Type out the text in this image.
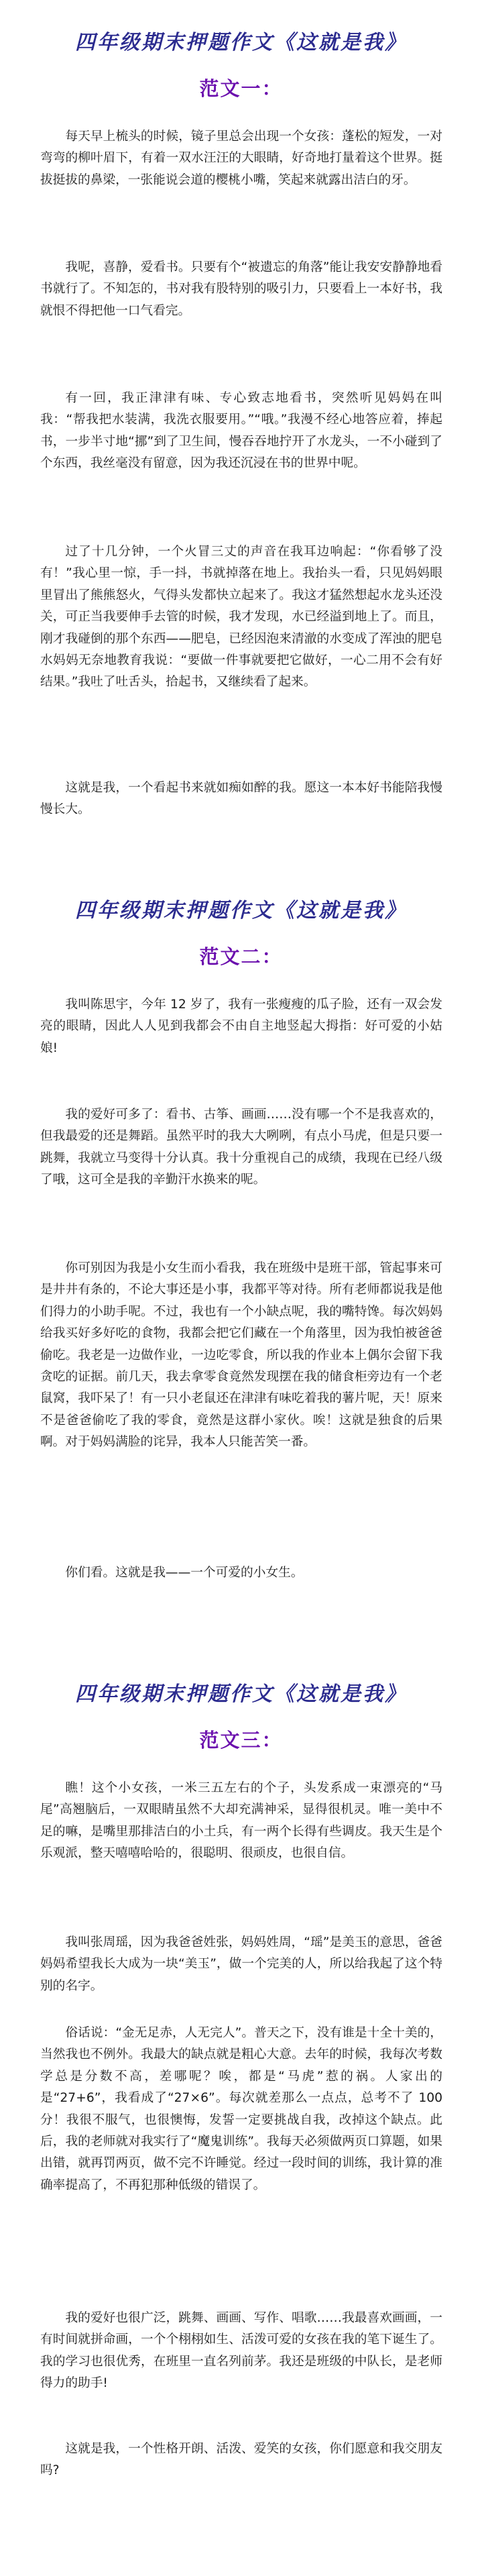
四年级期末押题作文《这就是我》
范文一：

每天早上梳头的时候，镜子里总会出现一个女孩：蓬松的短发，一对弯弯的柳叶眉下，有着一双水汪汪的大眼睛，好奇地打量着这个世界。挺拔挺拔的鼻梁，一张能说会道的樱桃小嘴，笑起来就露出洁白的牙。

我呢，喜静，爱看书。只要有个“被遗忘的角落”能让我安安静静地看书就行了。不知怎的，书对我有股特别的吸引力，只要看上一本好书，我就恨不得把他一口气看完。

有一回，我正津津有味、专心致志地看书，突然听见妈妈在叫我：“帮我把水装满，我洗衣服要用。”“哦。”我漫不经心地答应着，捧起书，一步半寸地“挪”到了卫生间，慢吞吞地拧开了水龙头，一不小碰到了个东西，我丝毫没有留意，因为我还沉浸在书的世界中呢。

过了十几分钟，一个火冒三丈的声音在我耳边响起：“你看够了没有！”我心里一惊，手一抖，书就掉落在地上。我抬头一看，只见妈妈眼里冒出了熊熊怒火，气得头发都快立起来了。我这才猛然想起水龙头还没关，可正当我要伸手去管的时候，我才发现，水已经溢到地上了。而且，刚才我碰倒的那个东西——肥皂，已经因泡来清澈的水变成了浑浊的肥皂水妈妈无奈地教育我说：“要做一件事就要把它做好，一心二用不会有好结果。”我吐了吐舌头，拾起书，又继续看了起来。

这就是我，一个看起书来就如痴如醉的我。愿这一本本好书能陪我慢慢长大。

四年级期末押题作文《这就是我》
范文二：

我叫陈思宇，今年 12 岁了，我有一张瘦瘦的瓜子脸，还有一双会发亮的眼睛，因此人人见到我都会不由自主地竖起大拇指：好可爱的小姑娘!

我的爱好可多了：看书、古筝、画画……没有哪一个不是我喜欢的，但我最爱的还是舞蹈。虽然平时的我大大咧咧，有点小马虎，但是只要一跳舞，我就立马变得十分认真。我十分重视自己的成绩，我现在已经八级了哦，这可全是我的辛勤汗水换来的呢。

你可别因为我是小女生而小看我，我在班级中是班干部，管起事来可是井井有条的，不论大事还是小事，我都平等对待。所有老师都说我是他们得力的小助手呢。不过，我也有一个小缺点呢，我的嘴特馋。每次妈妈给我买好多好吃的食物，我都会把它们藏在一个角落里，因为我怕被爸爸偷吃。我老是一边做作业，一边吃零食，所以我的作业本上偶尔会留下我贪吃的证据。前几天，我去拿零食竟然发现摆在我的储食柜旁边有一个老鼠窝，我吓呆了！有一只小老鼠还在津津有味吃着我的薯片呢，天！原来不是爸爸偷吃了我的零食，竟然是这群小家伙。唉！这就是独食的后果啊。对于妈妈满脸的诧异，我本人只能苦笑一番。

你们看。这就是我——一个可爱的小女生。

四年级期末押题作文《这就是我》
范文三：

瞧！这个小女孩，一米三五左右的个子，头发系成一束漂亮的“马尾”高翘脑后，一双眼睛虽然不大却充满神采，显得很机灵。唯一美中不足的嘛，是嘴里那排洁白的小土兵，有一两个长得有些调皮。我天生是个乐观派，整天嘻嘻哈哈的，很聪明、很顽皮，也很自信。

我叫张周瑶，因为我爸爸姓张，妈妈姓周，“瑶”是美玉的意思，爸爸妈妈希望我长大成为一块“美玉”，做一个完美的人，所以给我起了这个特别的名字。

俗话说：“金无足赤，人无完人”。普天之下，没有谁是十全十美的，当然我也不例外。我最大的缺点就是粗心大意。去年的时候，我每次考数学总是分数不高，差哪呢？唉，都是“马虎”惹的祸。人家出的是“27+6”，我看成了“27×6”。每次就差那么一点点，总考不了 100 分！我很不服气，也很懊悔，发誓一定要挑战自我，改掉这个缺点。此后，我的老师就对我实行了“魔鬼训练”。我每天必须做两页口算题，如果出错，就再罚两页，做不完不许睡觉。经过一段时间的训练，我计算的准确率提高了，不再犯那种低级的错误了。

我的爱好也很广泛，跳舞、画画、写作、唱歌……我最喜欢画画，一有时间就拼命画，一个个栩栩如生、活泼可爱的女孩在我的笔下诞生了。我的学习也很优秀，在班里一直名列前茅。我还是班级的中队长，是老师得力的助手!

这就是我，一个性格开朗、活泼、爱笑的女孩，你们愿意和我交朋友吗?
